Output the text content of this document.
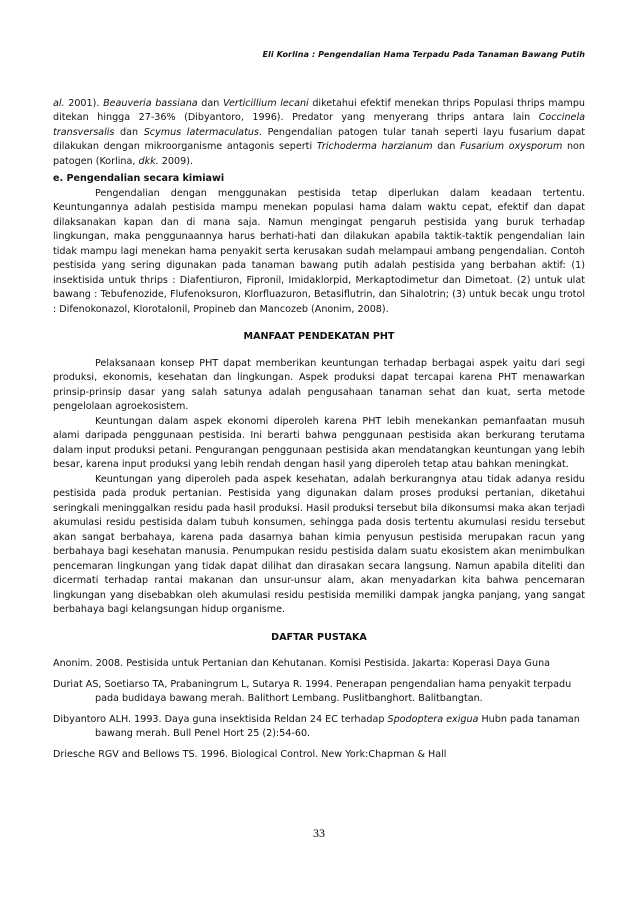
Eli Korlina : Pengendalian Hama Terpadu Pada Tanaman Bawang Putih

al. 2001). Beauveria bassiana dan Verticillium lecani diketahui efektif menekan thrips Populasi thrips mampu ditekan hingga 27-36% (Dibyantoro, 1996). Predator yang menyerang thrips antara lain Coccinela transversalis dan Scymus latermaculatus. Pengendalian patogen tular tanah seperti layu fusarium dapat dilakukan dengan mikroorganisme antagonis seperti Trichoderma harzianum dan Fusarium oxysporum non patogen (Korlina, dkk. 2009).

e. Pengendalian secara kimiawi

Pengendalian dengan menggunakan pestisida tetap diperlukan dalam keadaan tertentu. Keuntungannya adalah pestisida mampu menekan populasi hama dalam waktu cepat, efektif dan dapat dilaksanakan kapan dan di mana saja. Namun mengingat pengaruh pestisida yang buruk terhadap lingkungan, maka penggunaannya harus berhati-hati dan dilakukan apabila taktik-taktik pengendalian lain tidak mampu lagi menekan hama penyakit serta kerusakan sudah melampaui ambang pengendalian. Contoh pestisida yang sering digunakan pada tanaman bawang putih adalah pestisida yang berbahan aktif: (1) insektisida untuk thrips : Diafentiuron, Fipronil, Imidaklorpid, Merkaptodimetur dan Dimetoat. (2) untuk ulat bawang : Tebufenozide, Flufenoksuron, Klorfluazuron, Betasiflutrin, dan Sihalotrin; (3) untuk becak ungu trotol : Difenokonazol, Klorotalonil, Propineb dan Mancozeb (Anonim, 2008).

MANFAAT PENDEKATAN PHT

Pelaksanaan konsep PHT dapat memberikan keuntungan terhadap berbagai aspek yaitu dari segi produksi, ekonomis, kesehatan dan lingkungan. Aspek produksi dapat tercapai karena PHT menawarkan prinsip-prinsip dasar yang salah satunya adalah pengusahaan tanaman sehat dan kuat, serta metode pengelolaan agroekosistem.

Keuntungan dalam aspek ekonomi diperoleh karena PHT lebih menekankan pemanfaatan musuh alami daripada penggunaan pestisida. Ini berarti bahwa penggunaan pestisida akan berkurang terutama dalam input produksi petani. Pengurangan penggunaan pestisida akan mendatangkan keuntungan yang lebih besar, karena input produksi yang lebih rendah dengan hasil yang diperoleh tetap atau bahkan meningkat.

Keuntungan yang diperoleh pada aspek kesehatan, adalah berkurangnya atau tidak adanya residu pestisida pada produk pertanian. Pestisida yang digunakan dalam proses produksi pertanian, diketahui seringkali meninggalkan residu pada hasil produksi. Hasil produksi tersebut bila dikonsumsi maka akan terjadi akumulasi residu pestisida dalam tubuh konsumen, sehingga pada dosis tertentu akumulasi residu tersebut akan sangat berbahaya, karena pada dasarnya bahan kimia penyusun pestisida merupakan racun yang berbahaya bagi kesehatan manusia. Penumpukan residu pestisida dalam suatu ekosistem akan menimbulkan pencemaran lingkungan yang tidak dapat dilihat dan dirasakan secara langsung. Namun apabila diteliti dan dicermati terhadap rantai makanan dan unsur-unsur alam, akan menyadarkan kita bahwa pencemaran lingkungan yang disebabkan oleh akumulasi residu pestisida memiliki dampak jangka panjang, yang sangat berbahaya bagi kelangsungan hidup organisme.

DAFTAR PUSTAKA

Anonim. 2008. Pestisida untuk Pertanian dan Kehutanan. Komisi Pestisida. Jakarta: Koperasi Daya Guna

Duriat AS, Soetiarso TA, Prabaningrum L, Sutarya R. 1994. Penerapan pengendalian hama penyakit terpadu pada budidaya bawang merah. Balithort Lembang. Puslitbanghort. Balitbangtan.

Dibyantoro ALH. 1993. Daya guna insektisida Reldan 24 EC terhadap Spodoptera exigua Hubn pada tanaman bawang merah. Bull Penel Hort 25 (2):54-60.

Driesche RGV and Bellows TS. 1996. Biological Control. New York:Chapman & Hall

33
